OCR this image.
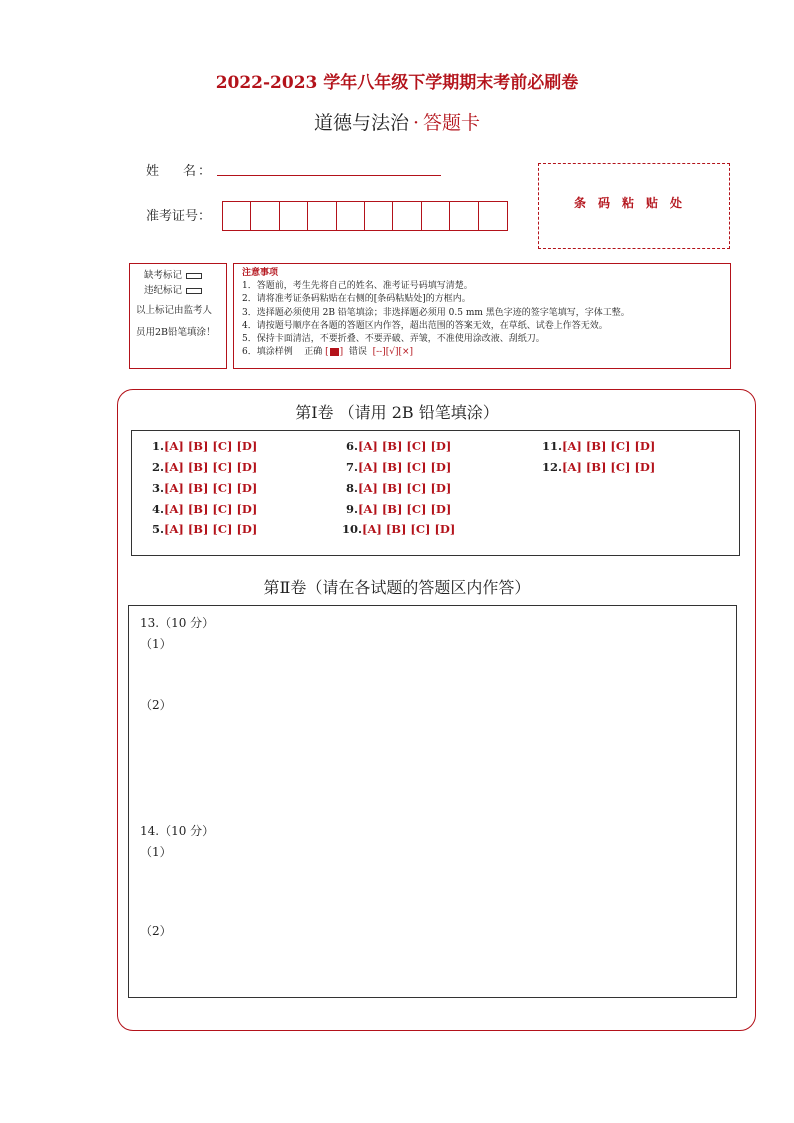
2022-2023 学年八年级下学期期末考前必刷卷
道德与法治 · 答题卡
姓 名：
准考证号：
条码粘贴处
缺考标记
违纪标记
以上标记由监考人员用2B铅笔填涂！
注意事项
1．答题前，考生先将自己的姓名、准考证号码填写清楚。
2．请将准考证条码粘贴在右侧的[条码粘贴处]的方框内。
3．选择题必须使用 2B 铅笔填涂；非选择题必须用 0.5 mm 黑色字迹的签字笔填写，字体工整。
4．请按题号顺序在各题的答题区内作答，超出范围的答案无效，在草纸、试卷上作答无效。
5．保持卡面清洁，不要折叠、不要弄破、弄皱，不准使用涂改液、刮纸刀。
6．填涂样例 正确 [ ] 错误 [--][√][×]
第Ⅰ卷 （请用 2B 铅笔填涂）
1.[A] [B] [C] [D]
2.[A] [B] [C] [D]
3.[A] [B] [C] [D]
4.[A] [B] [C] [D]
5.[A] [B] [C] [D]
6.[A] [B] [C] [D]
7.[A] [B] [C] [D]
8.[A] [B] [C] [D]
9.[A] [B] [C] [D]
10.[A] [B] [C] [D]
11.[A] [B] [C] [D]
12.[A] [B] [C] [D]
第Ⅱ卷（请在各试题的答题区内作答）
13.（10 分）
（1）
（2）
14.（10 分）
（1）
（2）
